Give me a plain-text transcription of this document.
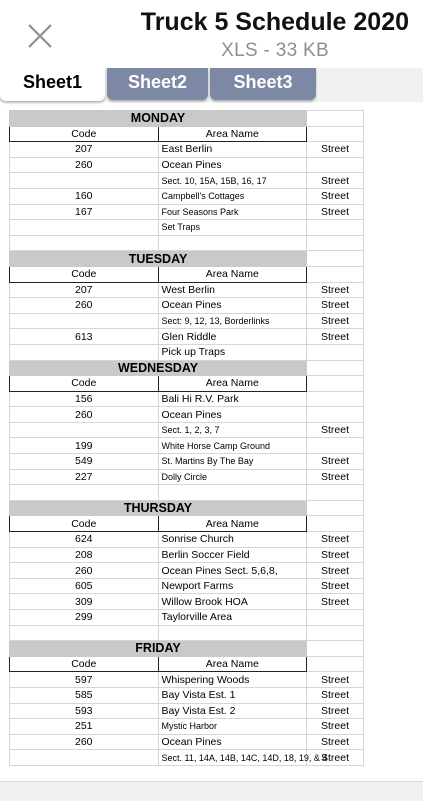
Truck 5 Schedule 2020
XLS - 33 KB
Sheet1	Sheet2	Sheet3
MONDAY		
Code	Area Name	
207	East Berlin	Street
260	Ocean Pines	
	Sect. 10, 15A, 15B, 16, 17	Street
160	Campbell's Cottages	Street
167	Four Seasons Park	Street
	Set Traps	

TUESDAY		
Code	Area Name	
207	West Berlin	Street
260	Ocean Pines	Street
	Sect: 9, 12, 13, Borderlinks	Street
613	Glen Riddle	Street
	Pick up Traps	
WEDNESDAY		
Code	Area Name	
156	Bali Hi R.V. Park	
260	Ocean Pines	
	Sect. 1, 2, 3, 7	Street
199	White Horse Camp Ground	
549	St. Martins By The Bay	Street
227	Dolly Circle	Street

THURSDAY		
Code	Area Name	
624	Sonrise Church	Street
208	Berlin Soccer Field	Street
260	Ocean Pines Sect. 5,6,8,	Street
605	Newport Farms	Street
309	Willow Brook HOA	Street
299	Taylorville Area	

FRIDAY		
Code	Area Name	
597	Whispering Woods	Street
585	Bay Vista Est. 1	Street
593	Bay Vista Est. 2	Street
251	Mystic Harbor	Street
260	Ocean Pines	Street
	Sect. 11, 14A, 14B, 14C, 14D, 18, 19, & 4	Street
